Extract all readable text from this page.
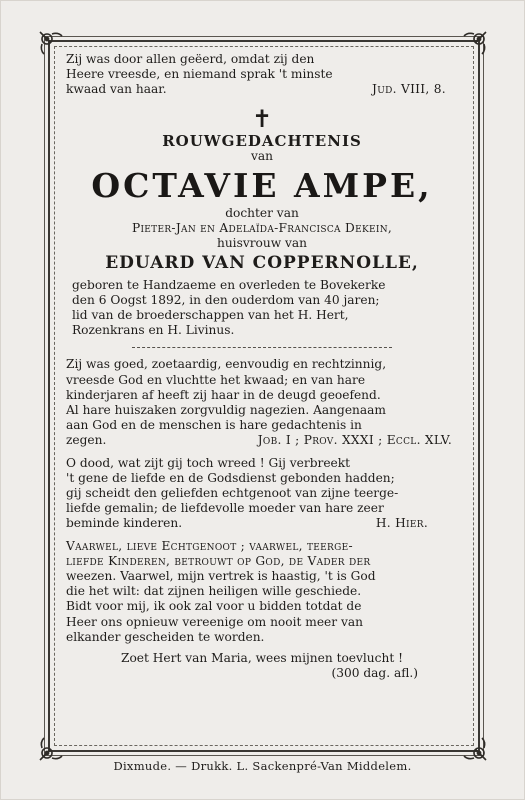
Zij was door allen geëerd, omdat zij den
Heere vreesde, en niemand sprak 't minste
kwaad van haar.	Jud. VIII, 8.
✝
ROUWGEDACHTENIS
van
OCTAVIE AMPE,
dochter van
Pieter-Jan en Adelaïda-Francisca Dekein,
huisvrouw van
EDUARD VAN COPPERNOLLE,
geboren te Handzaeme en overleden te Bovekerke
den 6 Oogst 1892, in den ouderdom van 40 jaren;
lid van de broederschappen van het H. Hert,
Rozenkrans en H. Livinus.
Zij was goed, zoetaardig, eenvoudig en rechtzinnig,
vreesde God en vluchtte het kwaad; en van hare
kinderjaren af heeft zij haar in de deugd geoefend.
Al hare huiszaken zorgvuldig nagezien. Aangenaam
aan God en de menschen is hare gedachtenis in
zegen.	Job. I ; Prov. XXXI ; Eccl. XLV.
O dood, wat zijt gij toch wreed ! Gij verbreekt
't gene de liefde en de Godsdienst gebonden hadden;
gij scheidt den geliefden echtgenoot van zijne teerge-
liefde gemalin; de liefdevolle moeder van hare zeer
beminde kinderen.	H. Hier.
Vaarwel, lieve Echtgenoot ; vaarwel, teerge-
liefde Kinderen, betrouwt op God, de Vader der
weezen. Vaarwel, mijn vertrek is haastig, 't is God
die het wilt: dat zijnen heiligen wille geschiede.
Bidt voor mij, ik ook zal voor u bidden totdat de
Heer ons opnieuw vereenige om nooit meer van
elkander gescheiden te worden.
Zoet Hert van Maria, wees mijnen toevlucht !
(300 dag. afl.)
Dixmude. — Drukk. L. Sackenpré-Van Middelem.
